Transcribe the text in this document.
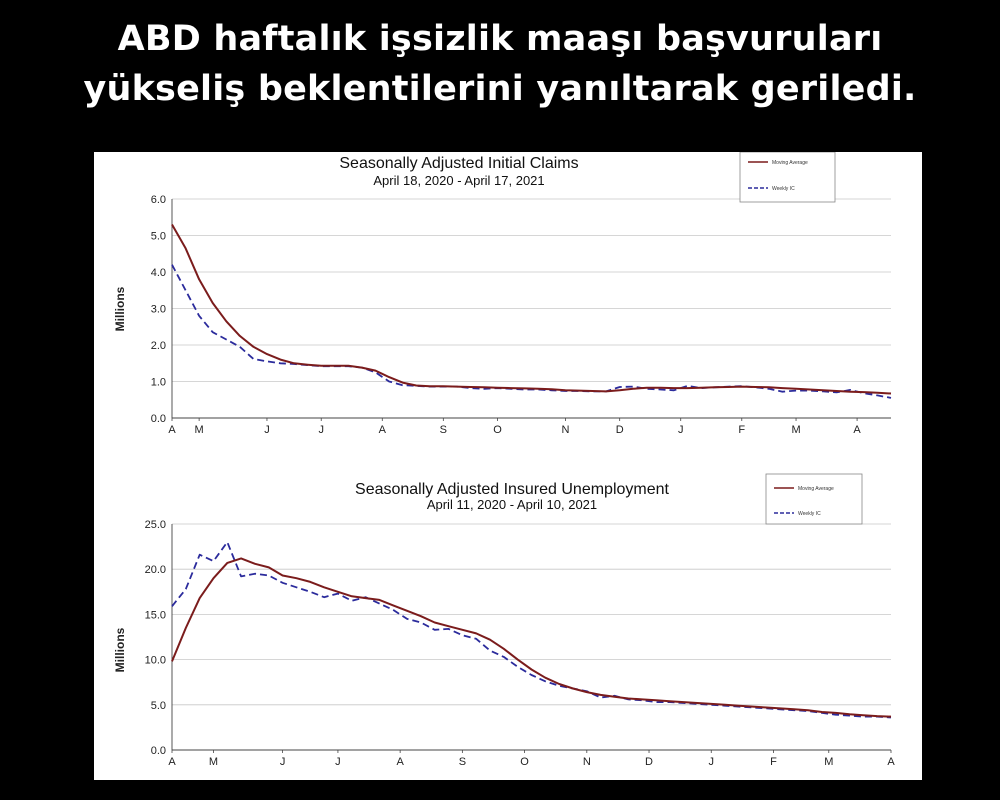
ABD haftalık işsizlik maaşı başvuruları
yükseliş beklentilerini yanıltarak geriledi.
Seasonally Adjusted Initial Claims
April 18, 2020 - April 17, 2021
Millions
0.0
1.0
2.0
3.0
4.0
5.0
6.0
A M	J	J	A	S	O	N	D	J	F	M	A
Moving Average
Weekly IC
Seasonally Adjusted Insured Unemployment
April 11, 2020 - April 10, 2021
Millions
0.0
5.0
10.0
15.0
20.0
25.0
A	M	J	J	A	S	O	N	D	J	F	M	A
Moving Average
Weekly IC
